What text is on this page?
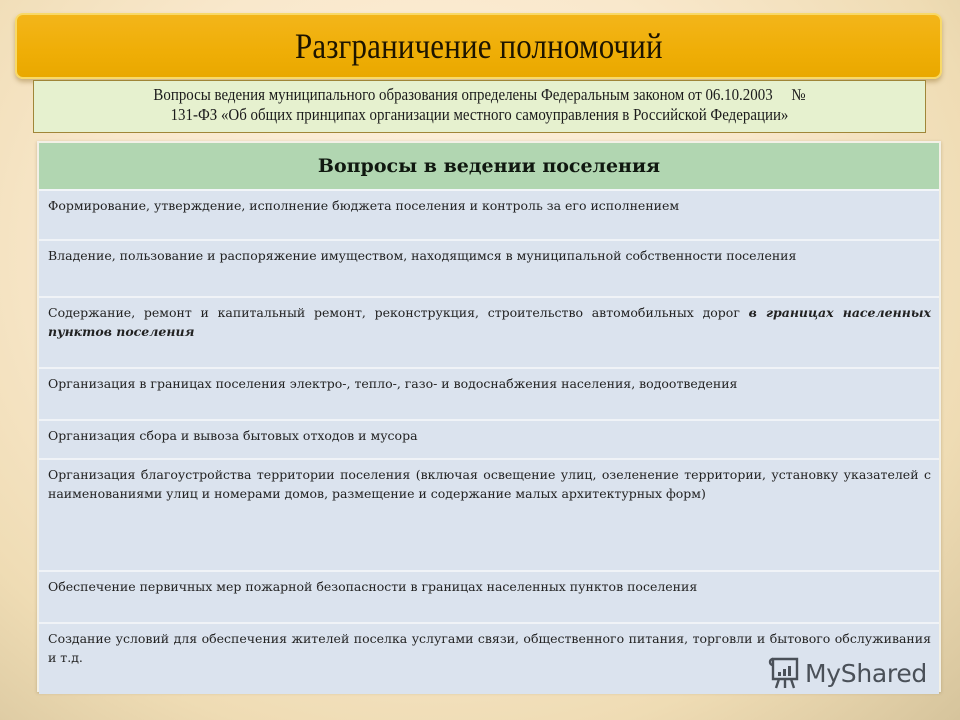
Разграничение полномочий
Вопросы ведения муниципального образования определены Федеральным законом от 06.10.2003     №
131-ФЗ «Об общих принципах организации местного самоуправления в Российской Федерации»
Вопросы в ведении поселения
Формирование, утверждение, исполнение бюджета поселения и контроль за его исполнением
Владение, пользование и распоряжение имуществом, находящимся в муниципальной собственности поселения
Содержание, ремонт и капитальный ремонт, реконструкция, строительство автомобильных дорог в границах населенных пунктов поселения
Организация в границах поселения электро-, тепло-, газо- и водоснабжения населения, водоотведения
Организация сбора и вывоза бытовых отходов и мусора
Организация благоустройства территории поселения (включая освещение улиц, озеленение территории, установку указателей с наименованиями улиц и номерами домов, размещение и содержание малых архитектурных форм)
Обеспечение первичных мер пожарной безопасности в границах населенных пунктов поселения
Создание условий для обеспечения жителей поселка услугами связи, общественного питания, торговли и бытового обслуживания и т.д.
MyShared
